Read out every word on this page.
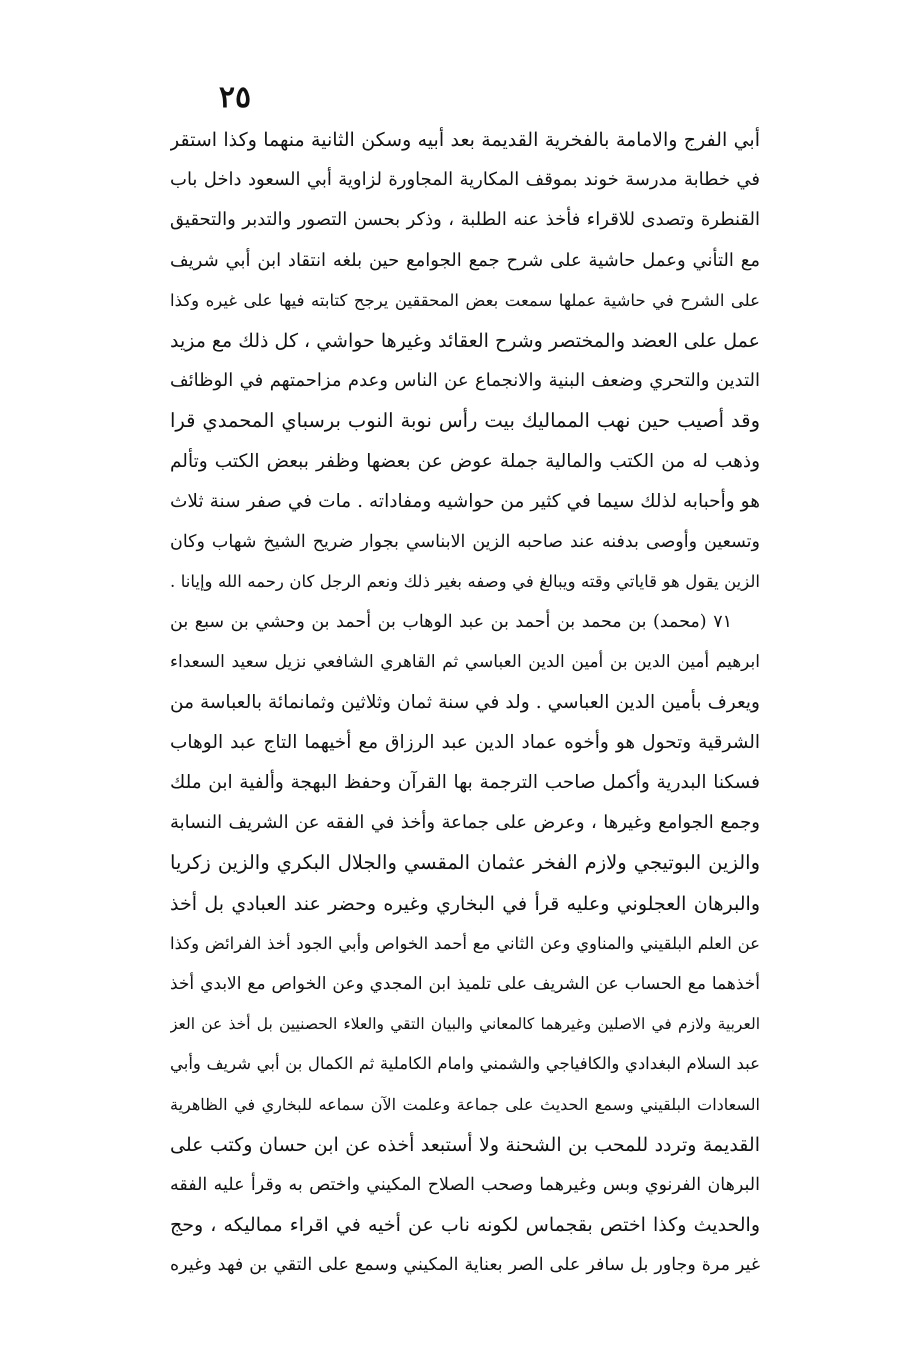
٢٥
أبي الفرج والامامة بالفخرية القديمة بعد أبيه وسكن الثانية منهما وكذا استقر
في خطابة مدرسة خوند بموقف المكارية المجاورة لزاوية أبي السعود داخل باب
القنطرة وتصدى للاقراء فأخذ عنه الطلبة ، وذكر بحسن التصور والتدبر والتحقيق
مع التأني وعمل حاشية على شرح جمع الجوامع حين بلغه انتقاد ابن أبي شريف
على الشرح في حاشية عملها سمعت بعض المحققين يرجح كتابته فيها على غيره وكذا
عمل على العضد والمختصر وشرح العقائد وغيرها حواشي ، كل ذلك مع مزيد
التدين والتحري وضعف البنية والانجماع عن الناس وعدم مزاحمتهم في الوظائف
وقد أصيب حين نهب المماليك بيت رأس نوبة النوب برسباي المحمدي قرا
وذهب له من الكتب والمالية جملة عوض عن بعضها وظفر ببعض الكتب وتألم
هو وأحبابه لذلك سيما في كثير من حواشيه ومفاداته . مات في صفر سنة ثلاث
وتسعين وأوصى بدفنه عند صاحبه الزين الابناسي بجوار ضريح الشيخ شهاب وكان
الزين يقول هو قاياتي وقته ويبالغ في وصفه بغير ذلك ونعم الرجل كان رحمه الله وإيانا .
٧١ (محمد) بن محمد بن أحمد بن عبد الوهاب بن أحمد بن وحشي بن سبع بن
ابرهيم أمين الدين بن أمين الدين العباسي ثم القاهري الشافعي نزيل سعيد السعداء
ويعرف بأمين الدين العباسي . ولد في سنة ثمان وثلاثين وثمانمائة بالعباسة من
الشرقية وتحول هو وأخوه عماد الدين عبد الرزاق مع أخيهما التاج عبد الوهاب
فسكنا البدرية وأكمل صاحب الترجمة بها القرآن وحفظ البهجة وألفية ابن ملك
وجمع الجوامع وغيرها ، وعرض على جماعة وأخذ في الفقه عن الشريف النسابة
والزين البوتيجي ولازم الفخر عثمان المقسي والجلال البكري والزين زكريا
والبرهان العجلوني وعليه قرأ في البخاري وغيره وحضر عند العبادي بل أخذ
عن العلم البلقيني والمناوي وعن الثاني مع أحمد الخواص وأبي الجود أخذ الفرائض وكذا
أخذهما مع الحساب عن الشريف على تلميذ ابن المجدي وعن الخواص مع الابدي أخذ
العربية ولازم في الاصلين وغيرهما كالمعاني والبيان التقي والعلاء الحصنيين بل أخذ عن العز
عبد السلام البغدادي والكافياجي والشمني وامام الكاملية ثم الكمال بن أبي شريف وأبي
السعادات البلقيني وسمع الحديث على جماعة وعلمت الآن سماعه للبخاري في الظاهرية
القديمة وتردد للمحب بن الشحنة ولا أستبعد أخذه عن ابن حسان وكتب على
البرهان الفرنوي وبس وغيرهما وصحب الصلاح المكيني واختص به وقرأ عليه الفقه
والحديث وكذا اختص بقجماس لكونه ناب عن أخيه في اقراء مماليكه ، وحج
غير مرة وجاور بل سافر على الصر بعناية المكيني وسمع على التقي بن فهد وغيره
